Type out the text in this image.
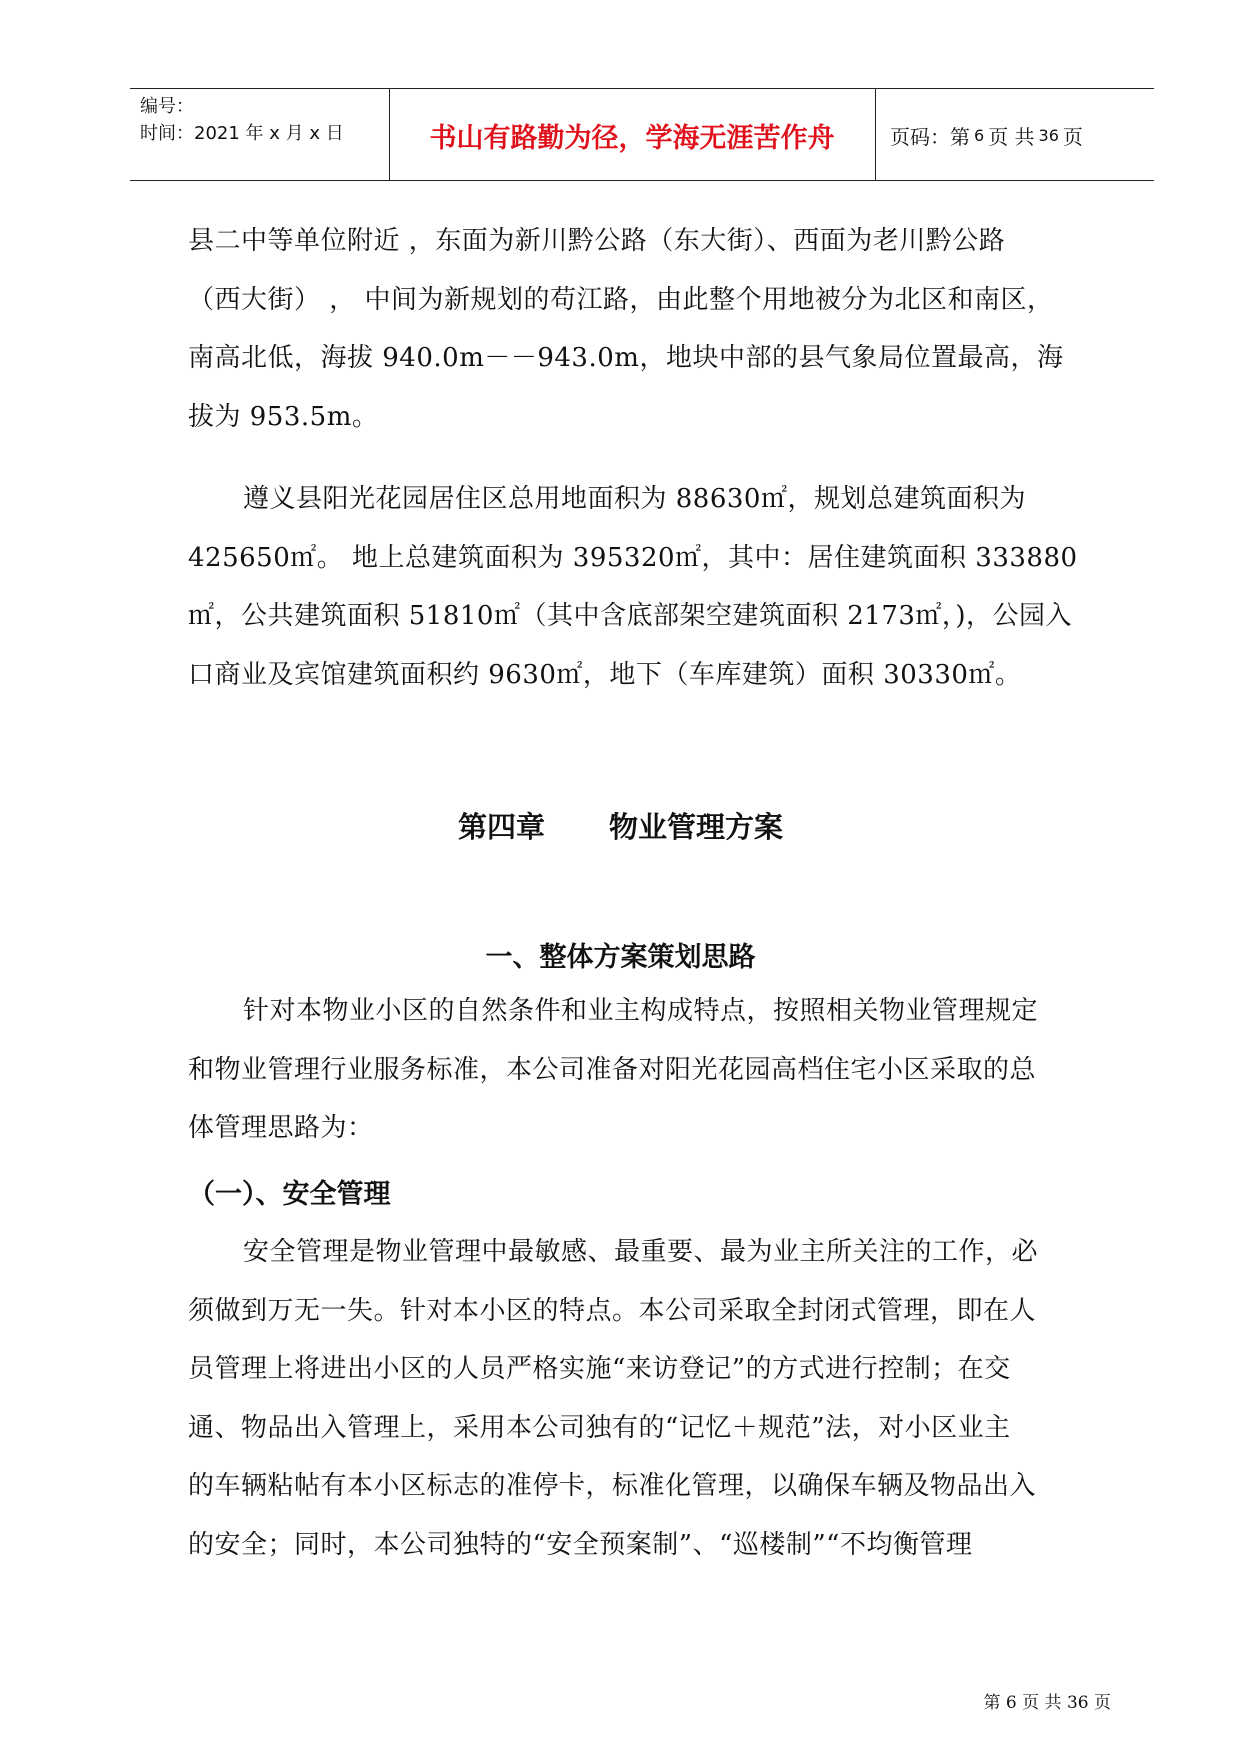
编号：
时间：2021 年 x 月 x 日	书山有路勤为径，学海无涯苦作舟	页码：第 6 页 共 36 页
县二中等单位附近 ，东面为新川黔公路（东大街）、西面为老川黔公路
（西大街） ， 中间为新规划的苟江路，由此整个用地被分为北区和南区，
南高北低，海拔 940.0m－－943.0m，地块中部的县气象局位置最高，海
拔为 953.5m。
遵义县阳光花园居住区总用地面积为 88630㎡，规划总建筑面积为
425650㎡。 地上总建筑面积为 395320㎡，其中：居住建筑面积 333880
㎡，公共建筑面积 51810㎡（其中含底部架空建筑面积 2173㎡，)，公园入
口商业及宾馆建筑面积约 9630㎡，地下（车库建筑）面积 30330㎡。
第四章 物业管理方案
一、整体方案策划思路
针对本物业小区的自然条件和业主构成特点，按照相关物业管理规定
和物业管理行业服务标准，本公司准备对阳光花园高档住宅小区采取的总
体管理思路为：
（一）、安全管理
安全管理是物业管理中最敏感、最重要、最为业主所关注的工作，必
须做到万无一失。针对本小区的特点。本公司采取全封闭式管理，即在人
员管理上将进出小区的人员严格实施“来访登记”的方式进行控制；在交
通、物品出入管理上，采用本公司独有的“记忆＋规范”法，对小区业主
的车辆粘帖有本小区标志的准停卡，标准化管理，以确保车辆及物品出入
的安全；同时，本公司独特的“安全预案制”、“巡楼制”“不均衡管理
第 6 页 共 36 页
